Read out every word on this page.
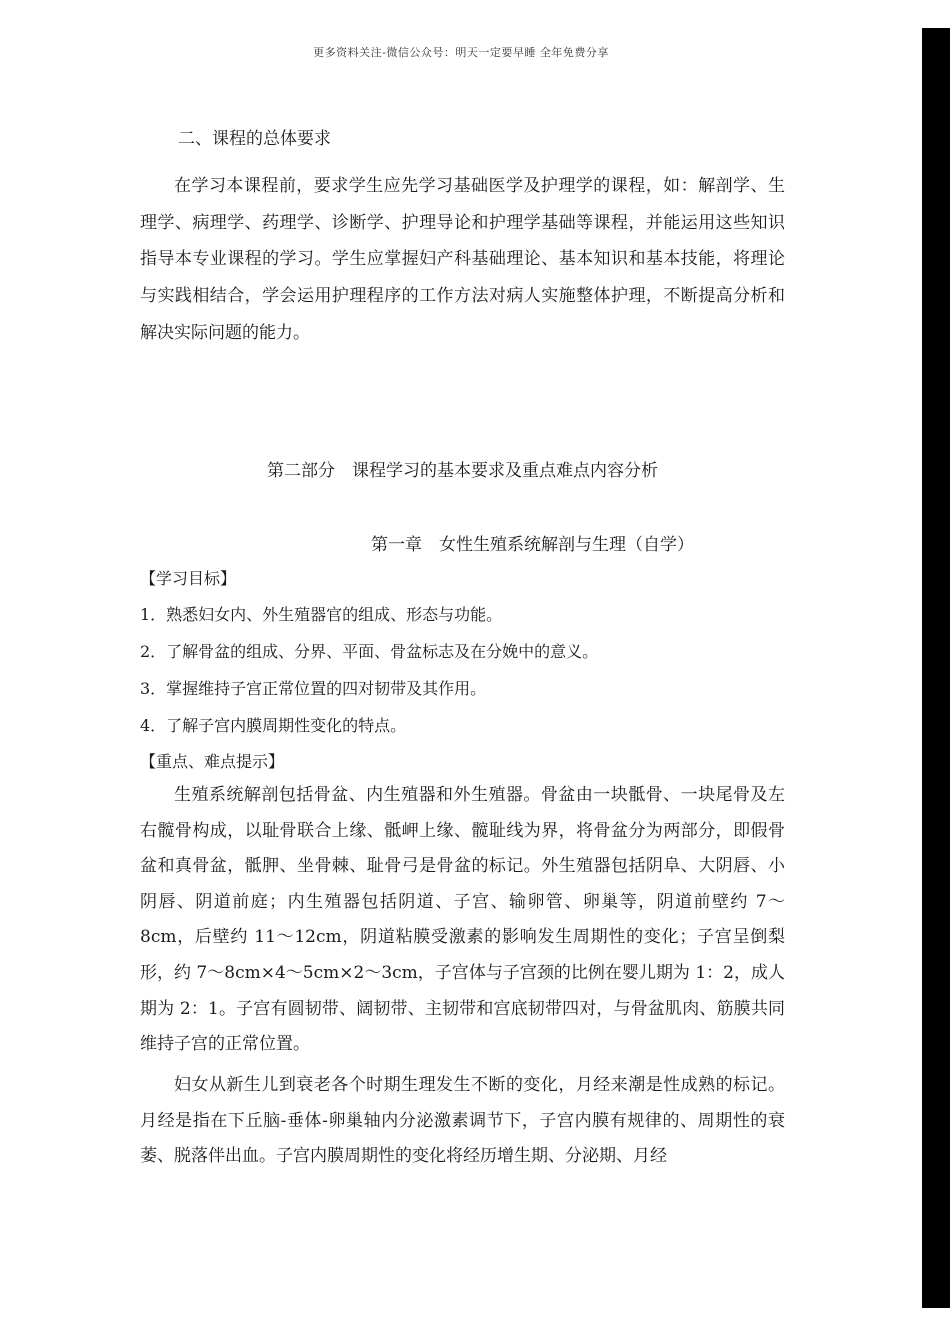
更多资料关注-微信公众号：明天一定要早睡 全年免费分享
二、课程的总体要求
在学习本课程前，要求学生应先学习基础医学及护理学的课程，如：解剖学、生理学、病理学、药理学、诊断学、护理导论和护理学基础等课程，并能运用这些知识指导本专业课程的学习。学生应掌握妇产科基础理论、基本知识和基本技能，将理论与实践相结合，学会运用护理程序的工作方法对病人实施整体护理，不断提高分析和解决实际问题的能力。
第二部分　课程学习的基本要求及重点难点内容分析
第一章　女性生殖系统解剖与生理（自学）
【学习目标】
1．熟悉妇女内、外生殖器官的组成、形态与功能。
2．了解骨盆的组成、分界、平面、骨盆标志及在分娩中的意义。
3．掌握维持子宫正常位置的四对韧带及其作用。
4．了解子宫内膜周期性变化的特点。
【重点、难点提示】
生殖系统解剖包括骨盆、内生殖器和外生殖器。骨盆由一块骶骨、一块尾骨及左右髋骨构成，以耻骨联合上缘、骶岬上缘、髋耻线为界，将骨盆分为两部分，即假骨盆和真骨盆，骶胛、坐骨棘、耻骨弓是骨盆的标记。外生殖器包括阴阜、大阴唇、小阴唇、阴道前庭；内生殖器包括阴道、子宫、输卵管、卵巢等，阴道前壁约 7～8cm，后壁约 11～12cm，阴道粘膜受激素的影响发生周期性的变化；子宫呈倒梨形，约 7～8cm×4～5cm×2～3cm，子宫体与子宫颈的比例在婴儿期为 1：2，成人期为 2：1。子宫有圆韧带、阔韧带、主韧带和宫底韧带四对，与骨盆肌肉、筋膜共同维持子宫的正常位置。
妇女从新生儿到衰老各个时期生理发生不断的变化，月经来潮是性成熟的标记。月经是指在下丘脑-垂体-卵巢轴内分泌激素调节下，子宫内膜有规律的、周期性的衰萎、脱落伴出血。子宫内膜周期性的变化将经历增生期、分泌期、月经
